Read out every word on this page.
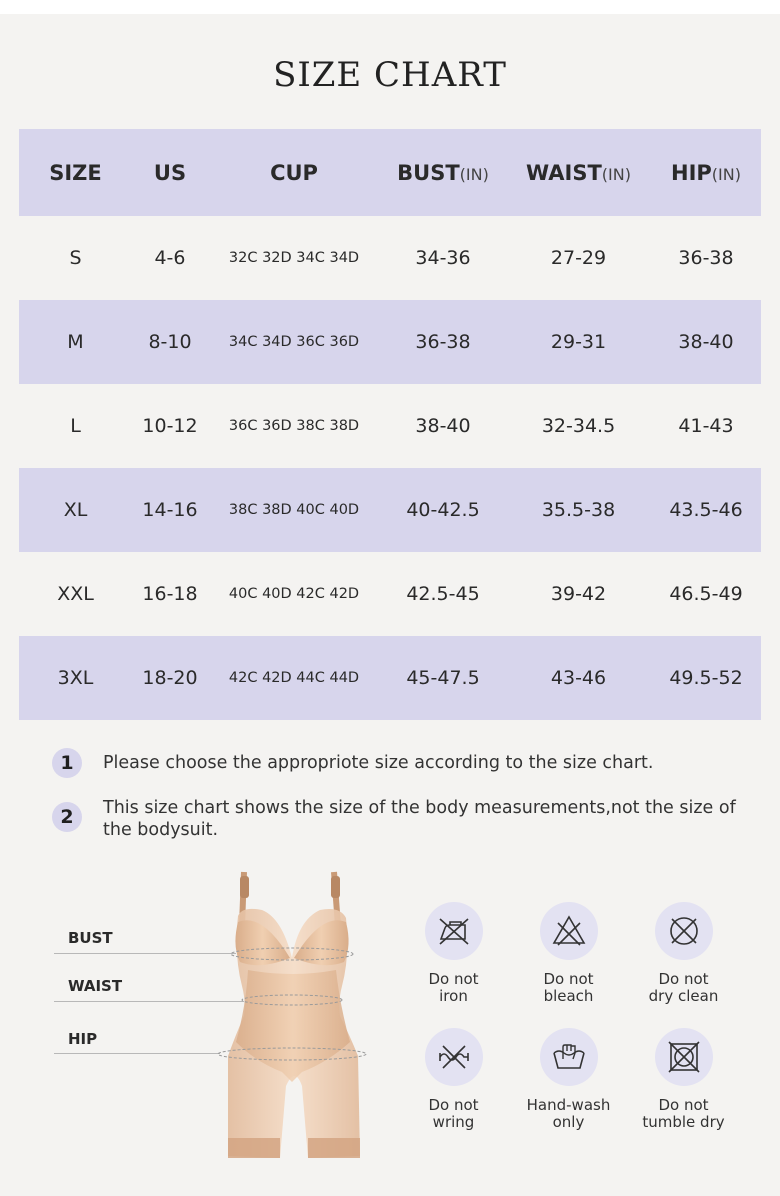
SIZE CHART
SIZE	US	CUP	BUST(IN)	WAIST(IN)	HIP(IN)
S	4-6	32C 32D 34C 34D	34-36	27-29	36-38
M	8-10	34C 34D 36C 36D	36-38	29-31	38-40
L	10-12	36C 36D 38C 38D	38-40	32-34.5	41-43
XL	14-16	38C 38D 40C 40D	40-42.5	35.5-38	43.5-46
XXL	16-18	40C 40D 42C 42D	42.5-45	39-42	46.5-49
3XL	18-20	42C 42D 44C 44D	45-47.5	43-46	49.5-52
1	Please choose the appropriote size according to the size chart.
2	This size chart shows the size of the body measurements,not the size of the bodysuit.
BUST
WAIST
HIP
Do not
iron
Do not
bleach
Do not
dry clean
Do not
wring
Hand-wash
only
Do not
tumble dry
